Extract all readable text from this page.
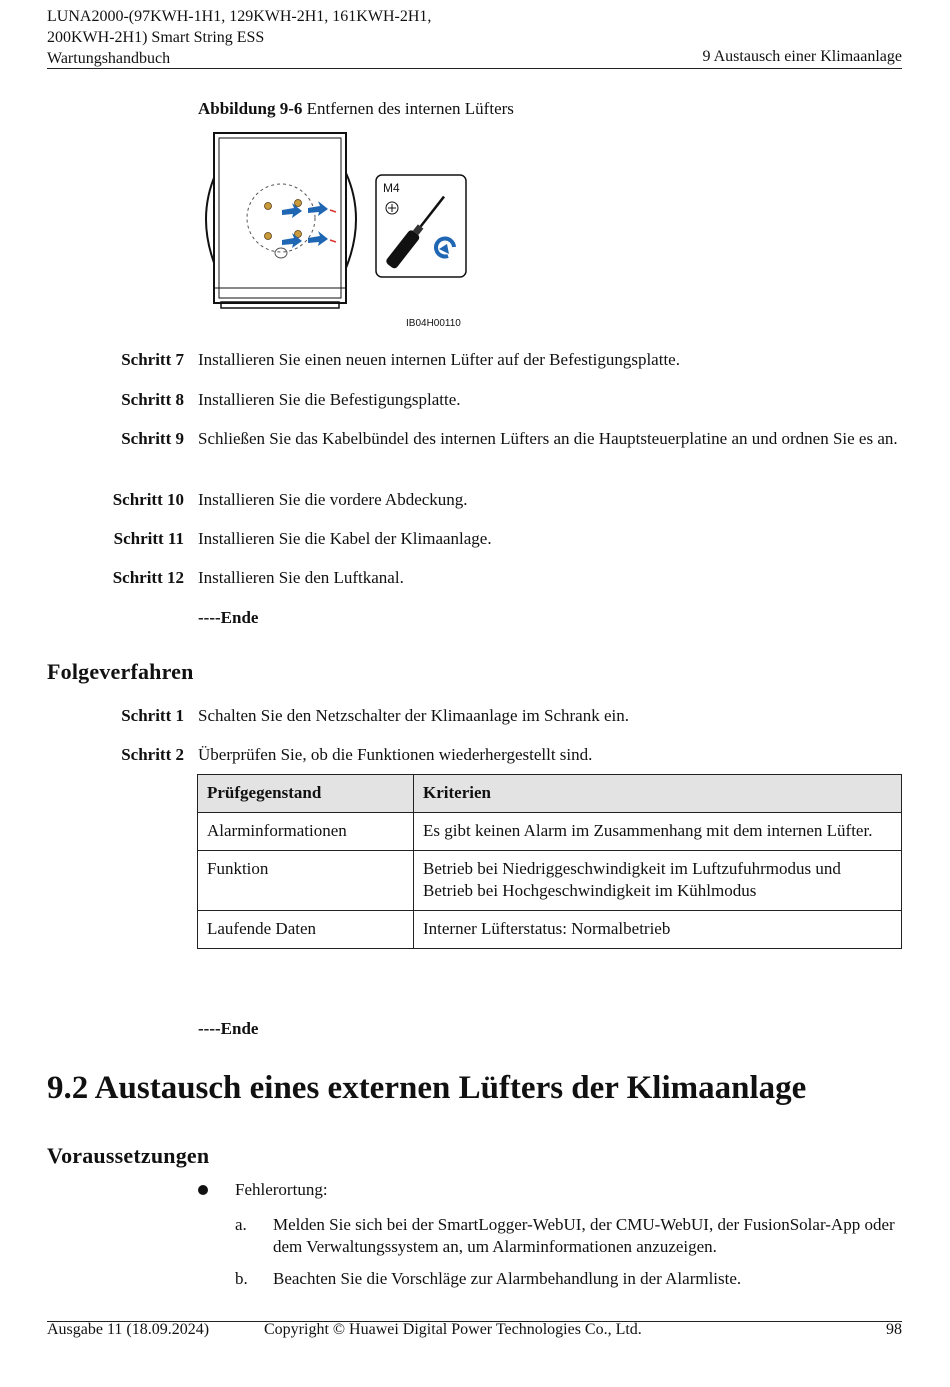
LUNA2000-(97KWH-1H1, 129KWH-2H1, 161KWH-2H1,
200KWH-2H1) Smart String ESS
Wartungshandbuch	9 Austausch einer Klimaanlage
Abbildung 9-6 Entfernen des internen Lüfters
M4
IB04H00110
Schritt 7 Installieren Sie einen neuen internen Lüfter auf der Befestigungsplatte.
Schritt 8 Installieren Sie die Befestigungsplatte.
Schritt 9 Schließen Sie das Kabelbündel des internen Lüfters an die Hauptsteuerplatine an und ordnen Sie es an.
Schritt 10 Installieren Sie die vordere Abdeckung.
Schritt 11 Installieren Sie die Kabel der Klimaanlage.
Schritt 12 Installieren Sie den Luftkanal.
----Ende
Folgeverfahren
Schritt 1 Schalten Sie den Netzschalter der Klimaanlage im Schrank ein.
Schritt 2 Überprüfen Sie, ob die Funktionen wiederhergestellt sind.
Prüfgegenstand	Kriterien
Alarminformationen	Es gibt keinen Alarm im Zusammenhang mit dem internen Lüfter.
Funktion	Betrieb bei Niedriggeschwindigkeit im Luftzufuhrmodus und Betrieb bei Hochgeschwindigkeit im Kühlmodus
Laufende Daten	Interner Lüfterstatus: Normalbetrieb
----Ende
9.2 Austausch eines externen Lüfters der Klimaanlage
Voraussetzungen
Fehlerortung:
a. Melden Sie sich bei der SmartLogger-WebUI, der CMU-WebUI, der FusionSolar-App oder dem Verwaltungssystem an, um Alarminformationen anzuzeigen.
b. Beachten Sie die Vorschläge zur Alarmbehandlung in der Alarmliste.
Ausgabe 11 (18.09.2024)	Copyright © Huawei Digital Power Technologies Co., Ltd.	98
